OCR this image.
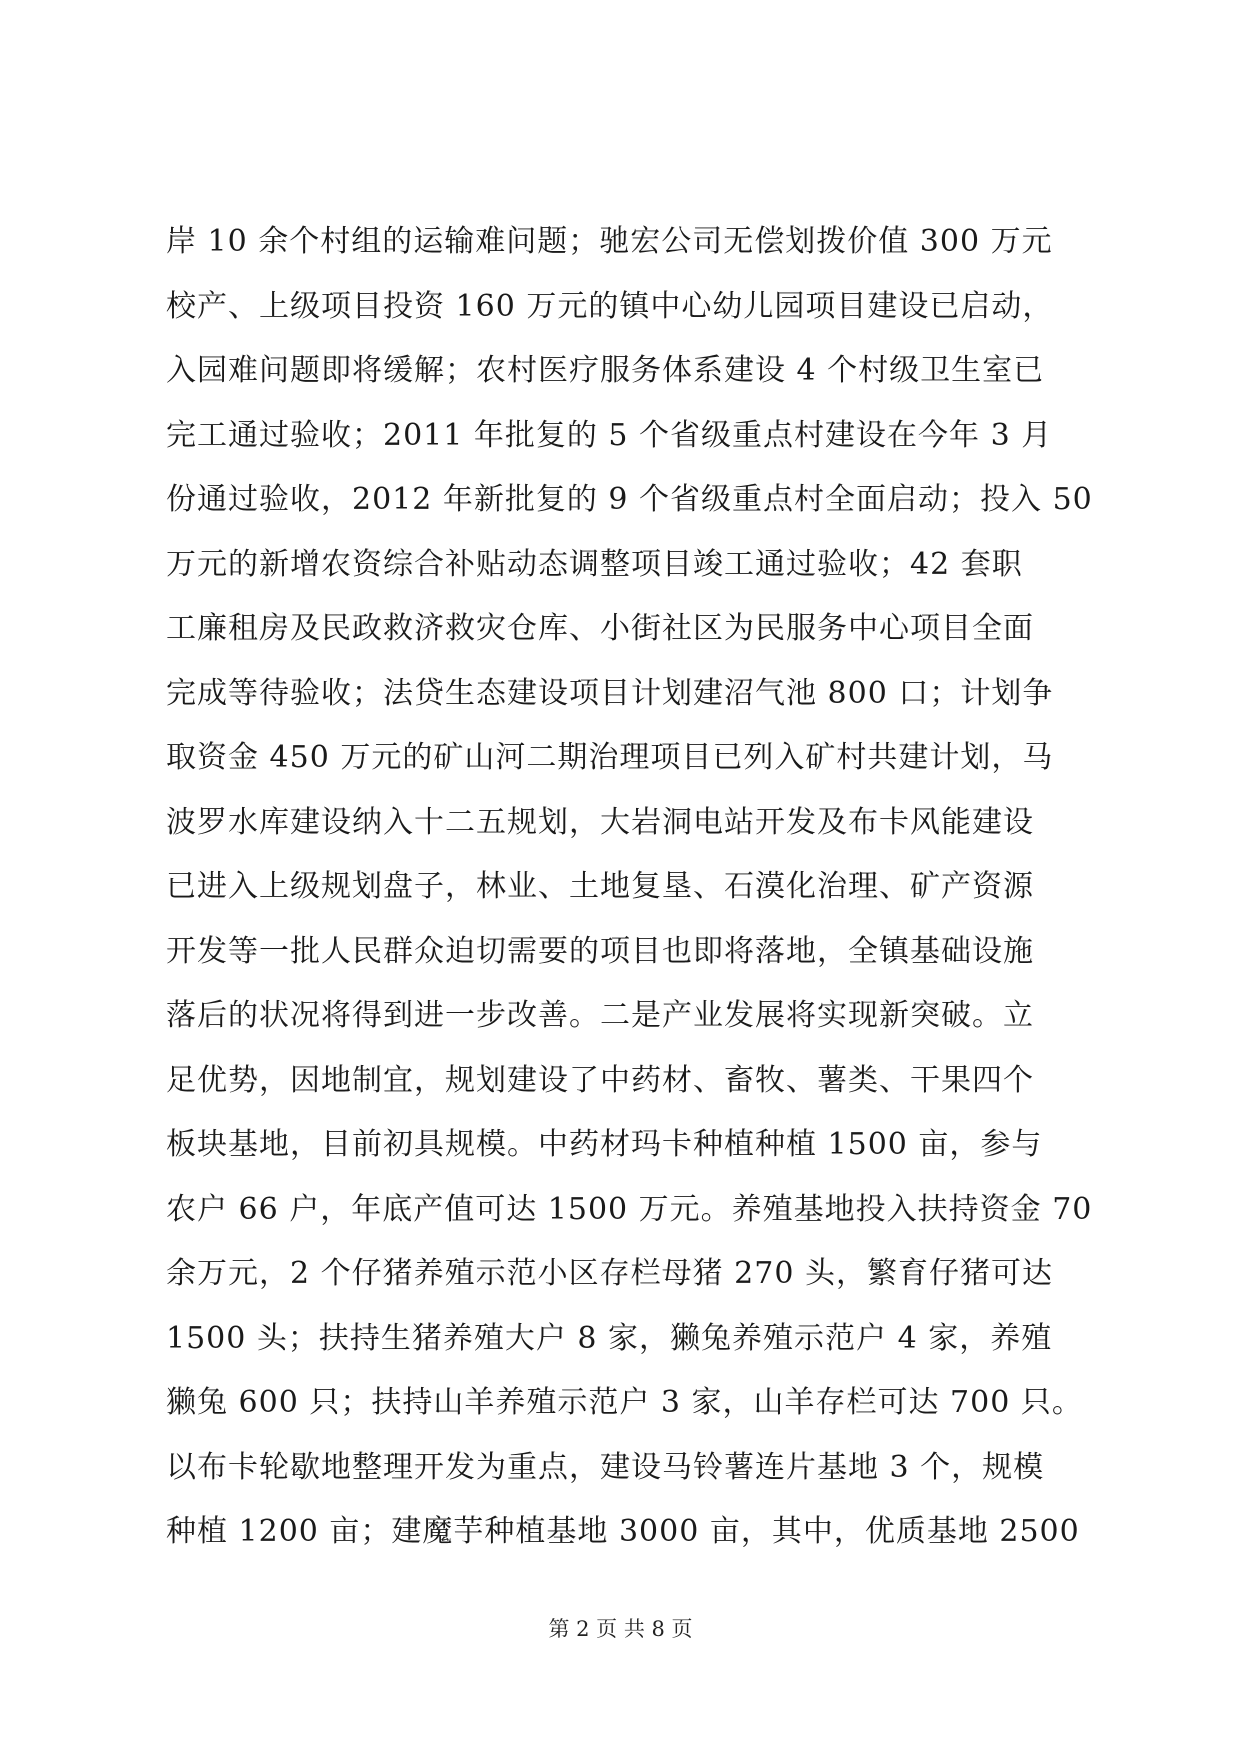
岸 10 余个村组的运输难问题；驰宏公司无偿划拨价值 300 万元
校产、上级项目投资 160 万元的镇中心幼儿园项目建设已启动，
入园难问题即将缓解；农村医疗服务体系建设 4 个村级卫生室已
完工通过验收；2011 年批复的 5 个省级重点村建设在今年 3 月
份通过验收，2012 年新批复的 9 个省级重点村全面启动；投入 50
万元的新增农资综合补贴动态调整项目竣工通过验收；42 套职
工廉租房及民政救济救灾仓库、小街社区为民服务中心项目全面
完成等待验收；法贷生态建设项目计划建沼气池 800 口；计划争
取资金 450 万元的矿山河二期治理项目已列入矿村共建计划，马
波罗水库建设纳入十二五规划，大岩洞电站开发及布卡风能建设
已进入上级规划盘子，林业、土地复垦、石漠化治理、矿产资源
开发等一批人民群众迫切需要的项目也即将落地，全镇基础设施
落后的状况将得到进一步改善。二是产业发展将实现新突破。立
足优势，因地制宜，规划建设了中药材、畜牧、薯类、干果四个
板块基地，目前初具规模。中药材玛卡种植种植 1500 亩，参与
农户 66 户，年底产值可达 1500 万元。养殖基地投入扶持资金 70
余万元，2 个仔猪养殖示范小区存栏母猪 270 头，繁育仔猪可达
1500 头；扶持生猪养殖大户 8 家，獭兔养殖示范户 4 家，养殖
獭兔 600 只；扶持山羊养殖示范户 3 家，山羊存栏可达 700 只。
以布卡轮歇地整理开发为重点，建设马铃薯连片基地 3 个，规模
种植 1200 亩；建魔芋种植基地 3000 亩，其中，优质基地 2500
第 2 页 共 8 页
